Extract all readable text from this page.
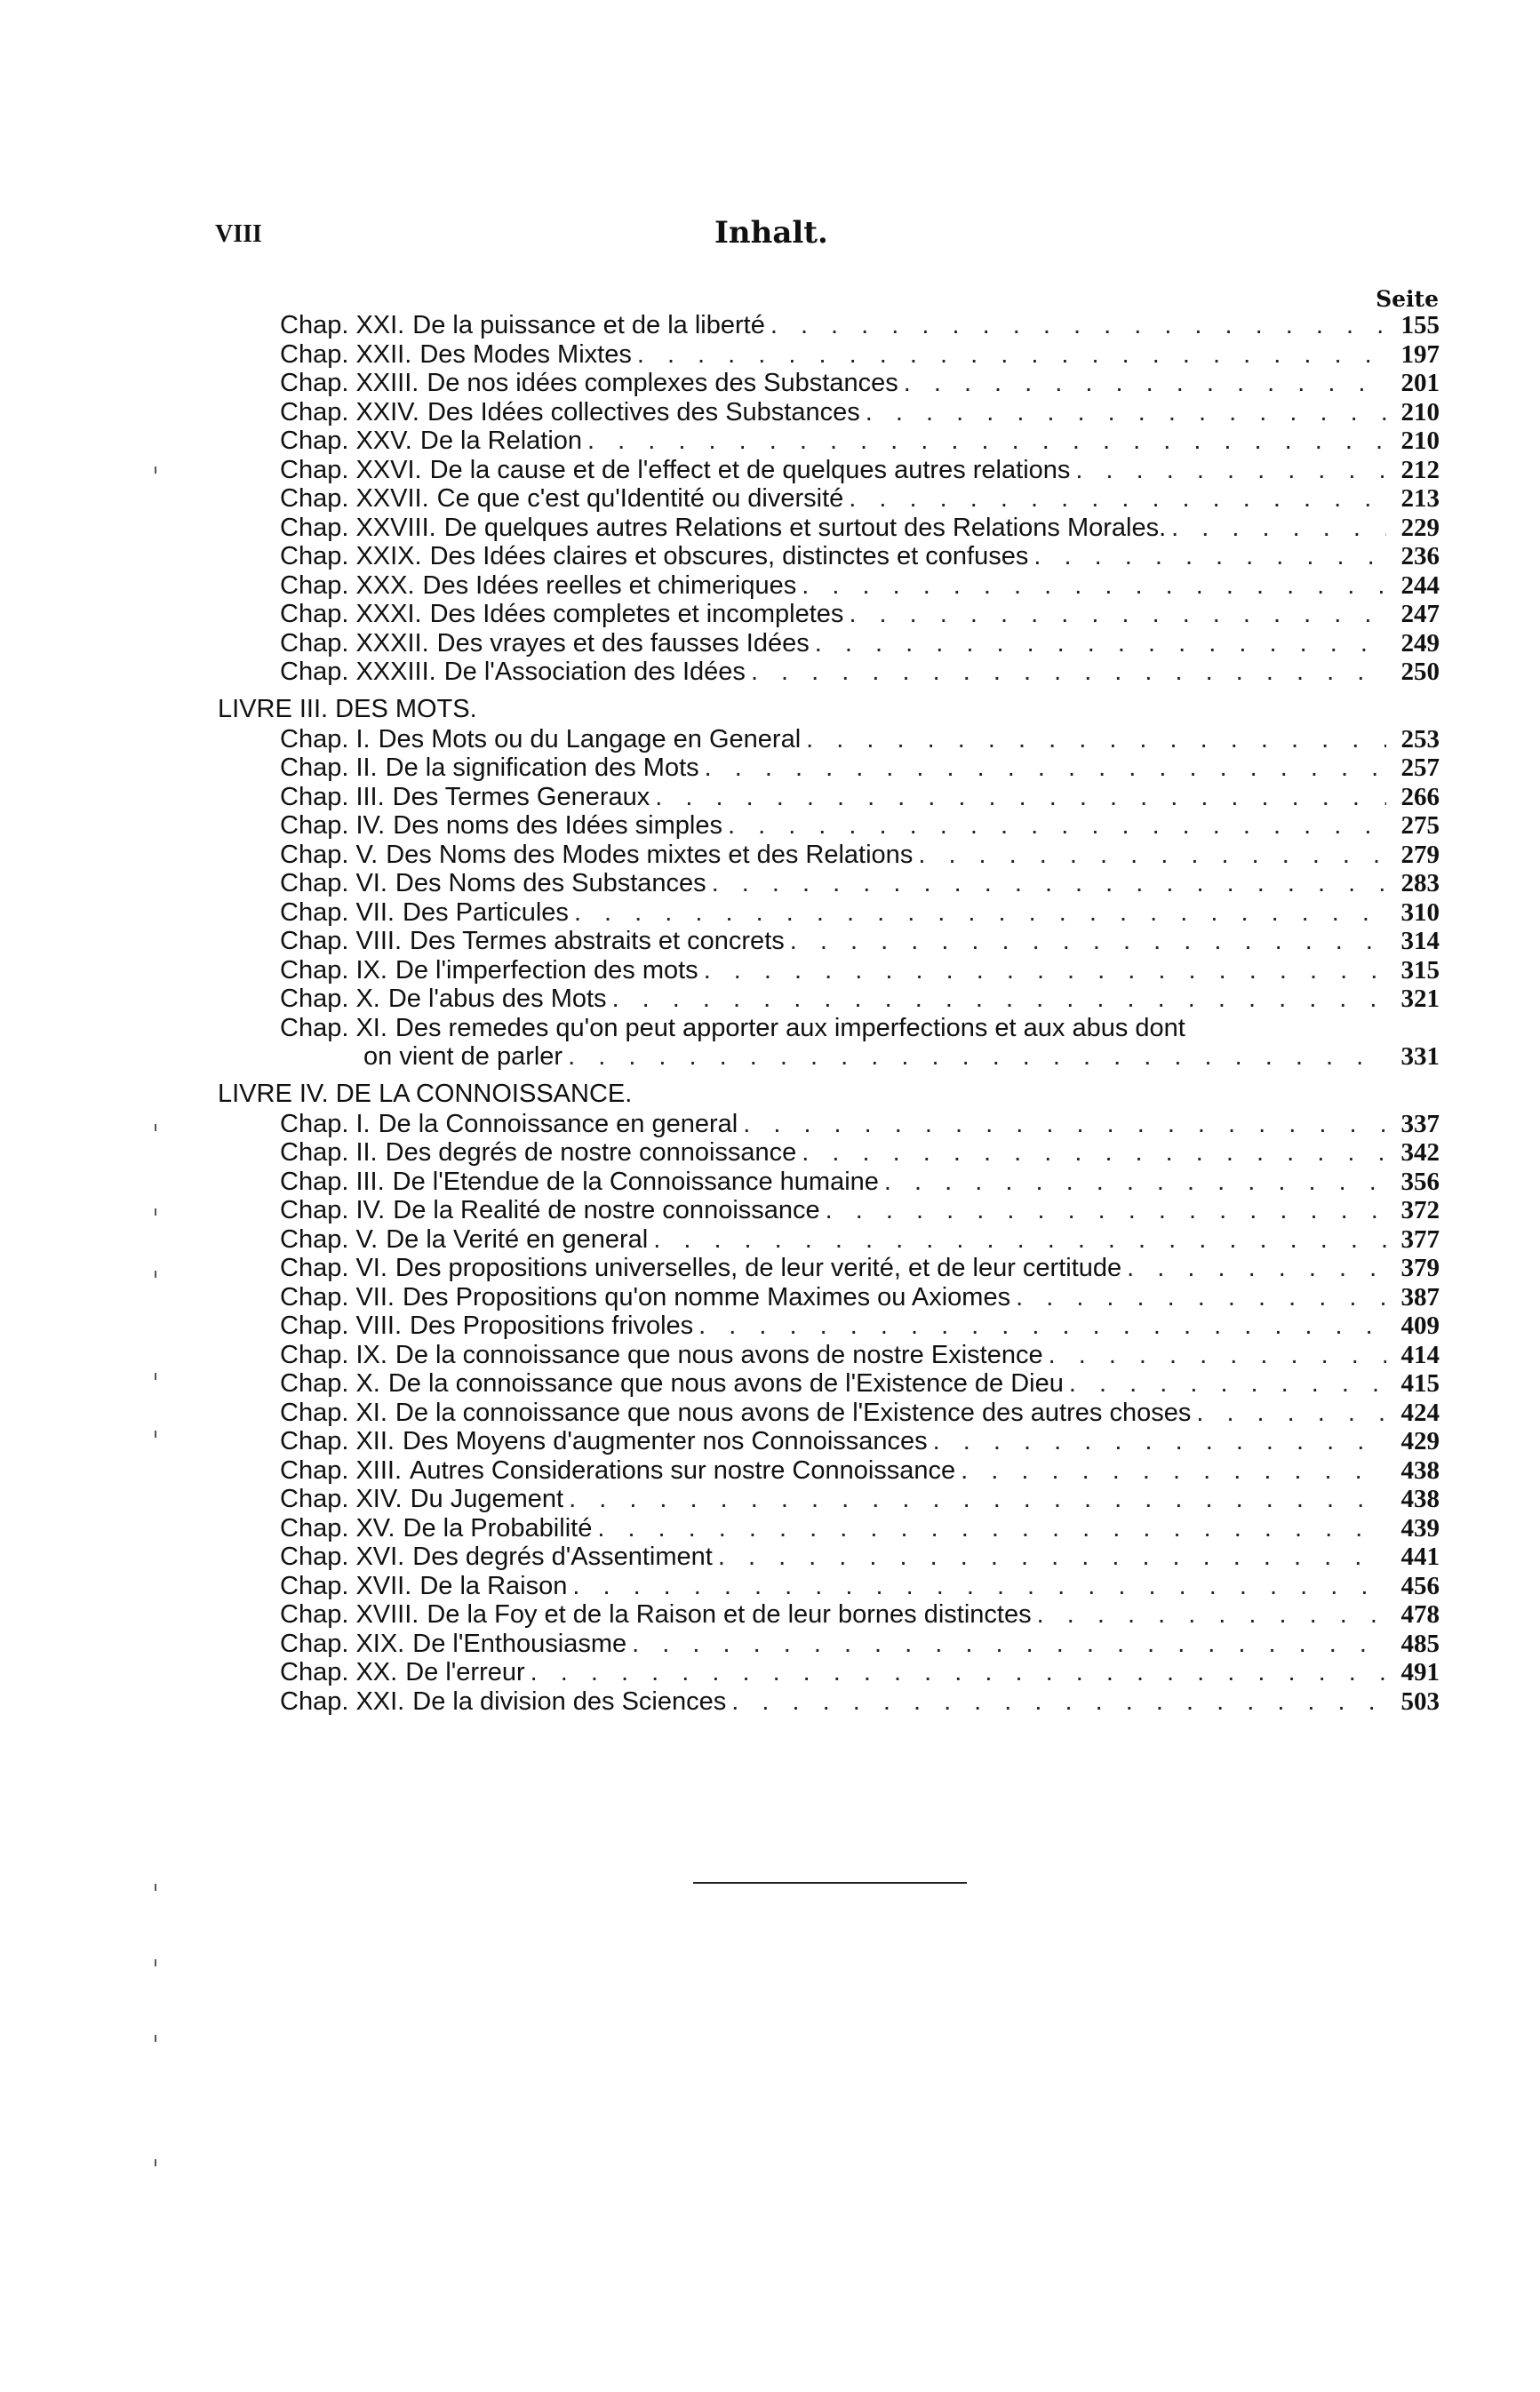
VIII	Inhalt.
Seite
Chap. XXI. De la puissance et de la liberté . . .	155
Chap. XXII. Des Modes Mixtes . . .	197
Chap. XXIII. De nos idées complexes des Substances . . .	201
Chap. XXIV. Des Idées collectives des Substances . . .	210
Chap. XXV. De la Relation . . .	210
Chap. XXVI. De la cause et de l'effect et de quelques autres relations . . .	212
Chap. XXVII. Ce que c'est qu'Identité ou diversité . . .	213
Chap. XXVIII. De quelques autres Relations et surtout des Relations Morales. . . .	229
Chap. XXIX. Des Idées claires et obscures, distinctes et confuses . . .	236
Chap. XXX. Des Idées reelles et chimeriques . . .	244
Chap. XXXI. Des Idées completes et incompletes . . .	247
Chap. XXXII. Des vrayes et des fausses Idées . . .	249
Chap. XXXIII. De l'Association des Idées . . .	250
LIVRE III. DES MOTS.
Chap. I. Des Mots ou du Langage en General . . .	253
Chap. II. De la signification des Mots . . .	257
Chap. III. Des Termes Generaux . . .	266
Chap. IV. Des noms des Idées simples . . .	275
Chap. V. Des Noms des Modes mixtes et des Relations . . .	279
Chap. VI. Des Noms des Substances . . .	283
Chap. VII. Des Particules . . .	310
Chap. VIII. Des Termes abstraits et concrets . . .	314
Chap. IX. De l'imperfection des mots . . .	315
Chap. X. De l'abus des Mots . . .	321
Chap. XI. Des remedes qu'on peut apporter aux imperfections et aux abus dont
on vient de parler . . .	331
LIVRE IV. DE LA CONNOISSANCE.
Chap. I. De la Connoissance en general . . .	337
Chap. II. Des degrés de nostre connoissance . . .	342
Chap. III. De l'Etendue de la Connoissance humaine . . .	356
Chap. IV. De la Realité de nostre connoissance . . .	372
Chap. V. De la Verité en general . . .	377
Chap. VI. Des propositions universelles, de leur verité, et de leur certitude . . .	379
Chap. VII. Des Propositions qu'on nomme Maximes ou Axiomes . . .	387
Chap. VIII. Des Propositions frivoles . . .	409
Chap. IX. De la connoissance que nous avons de nostre Existence . . .	414
Chap. X. De la connoissance que nous avons de l'Existence de Dieu . . .	415
Chap. XI. De la connoissance que nous avons de l'Existence des autres choses . . .	424
Chap. XII. Des Moyens d'augmenter nos Connoissances . . .	429
Chap. XIII. Autres Considerations sur nostre Connoissance . . .	438
Chap. XIV. Du Jugement . . .	438
Chap. XV. De la Probabilité . . .	439
Chap. XVI. Des degrés d'Assentiment . . .	441
Chap. XVII. De la Raison . . .	456
Chap. XVIII. De la Foy et de la Raison et de leur bornes distinctes . . .	478
Chap. XIX. De l'Enthousiasme . . .	485
Chap. XX. De l'erreur . . .	491
Chap. XXI. De la division des Sciences . . .	503
